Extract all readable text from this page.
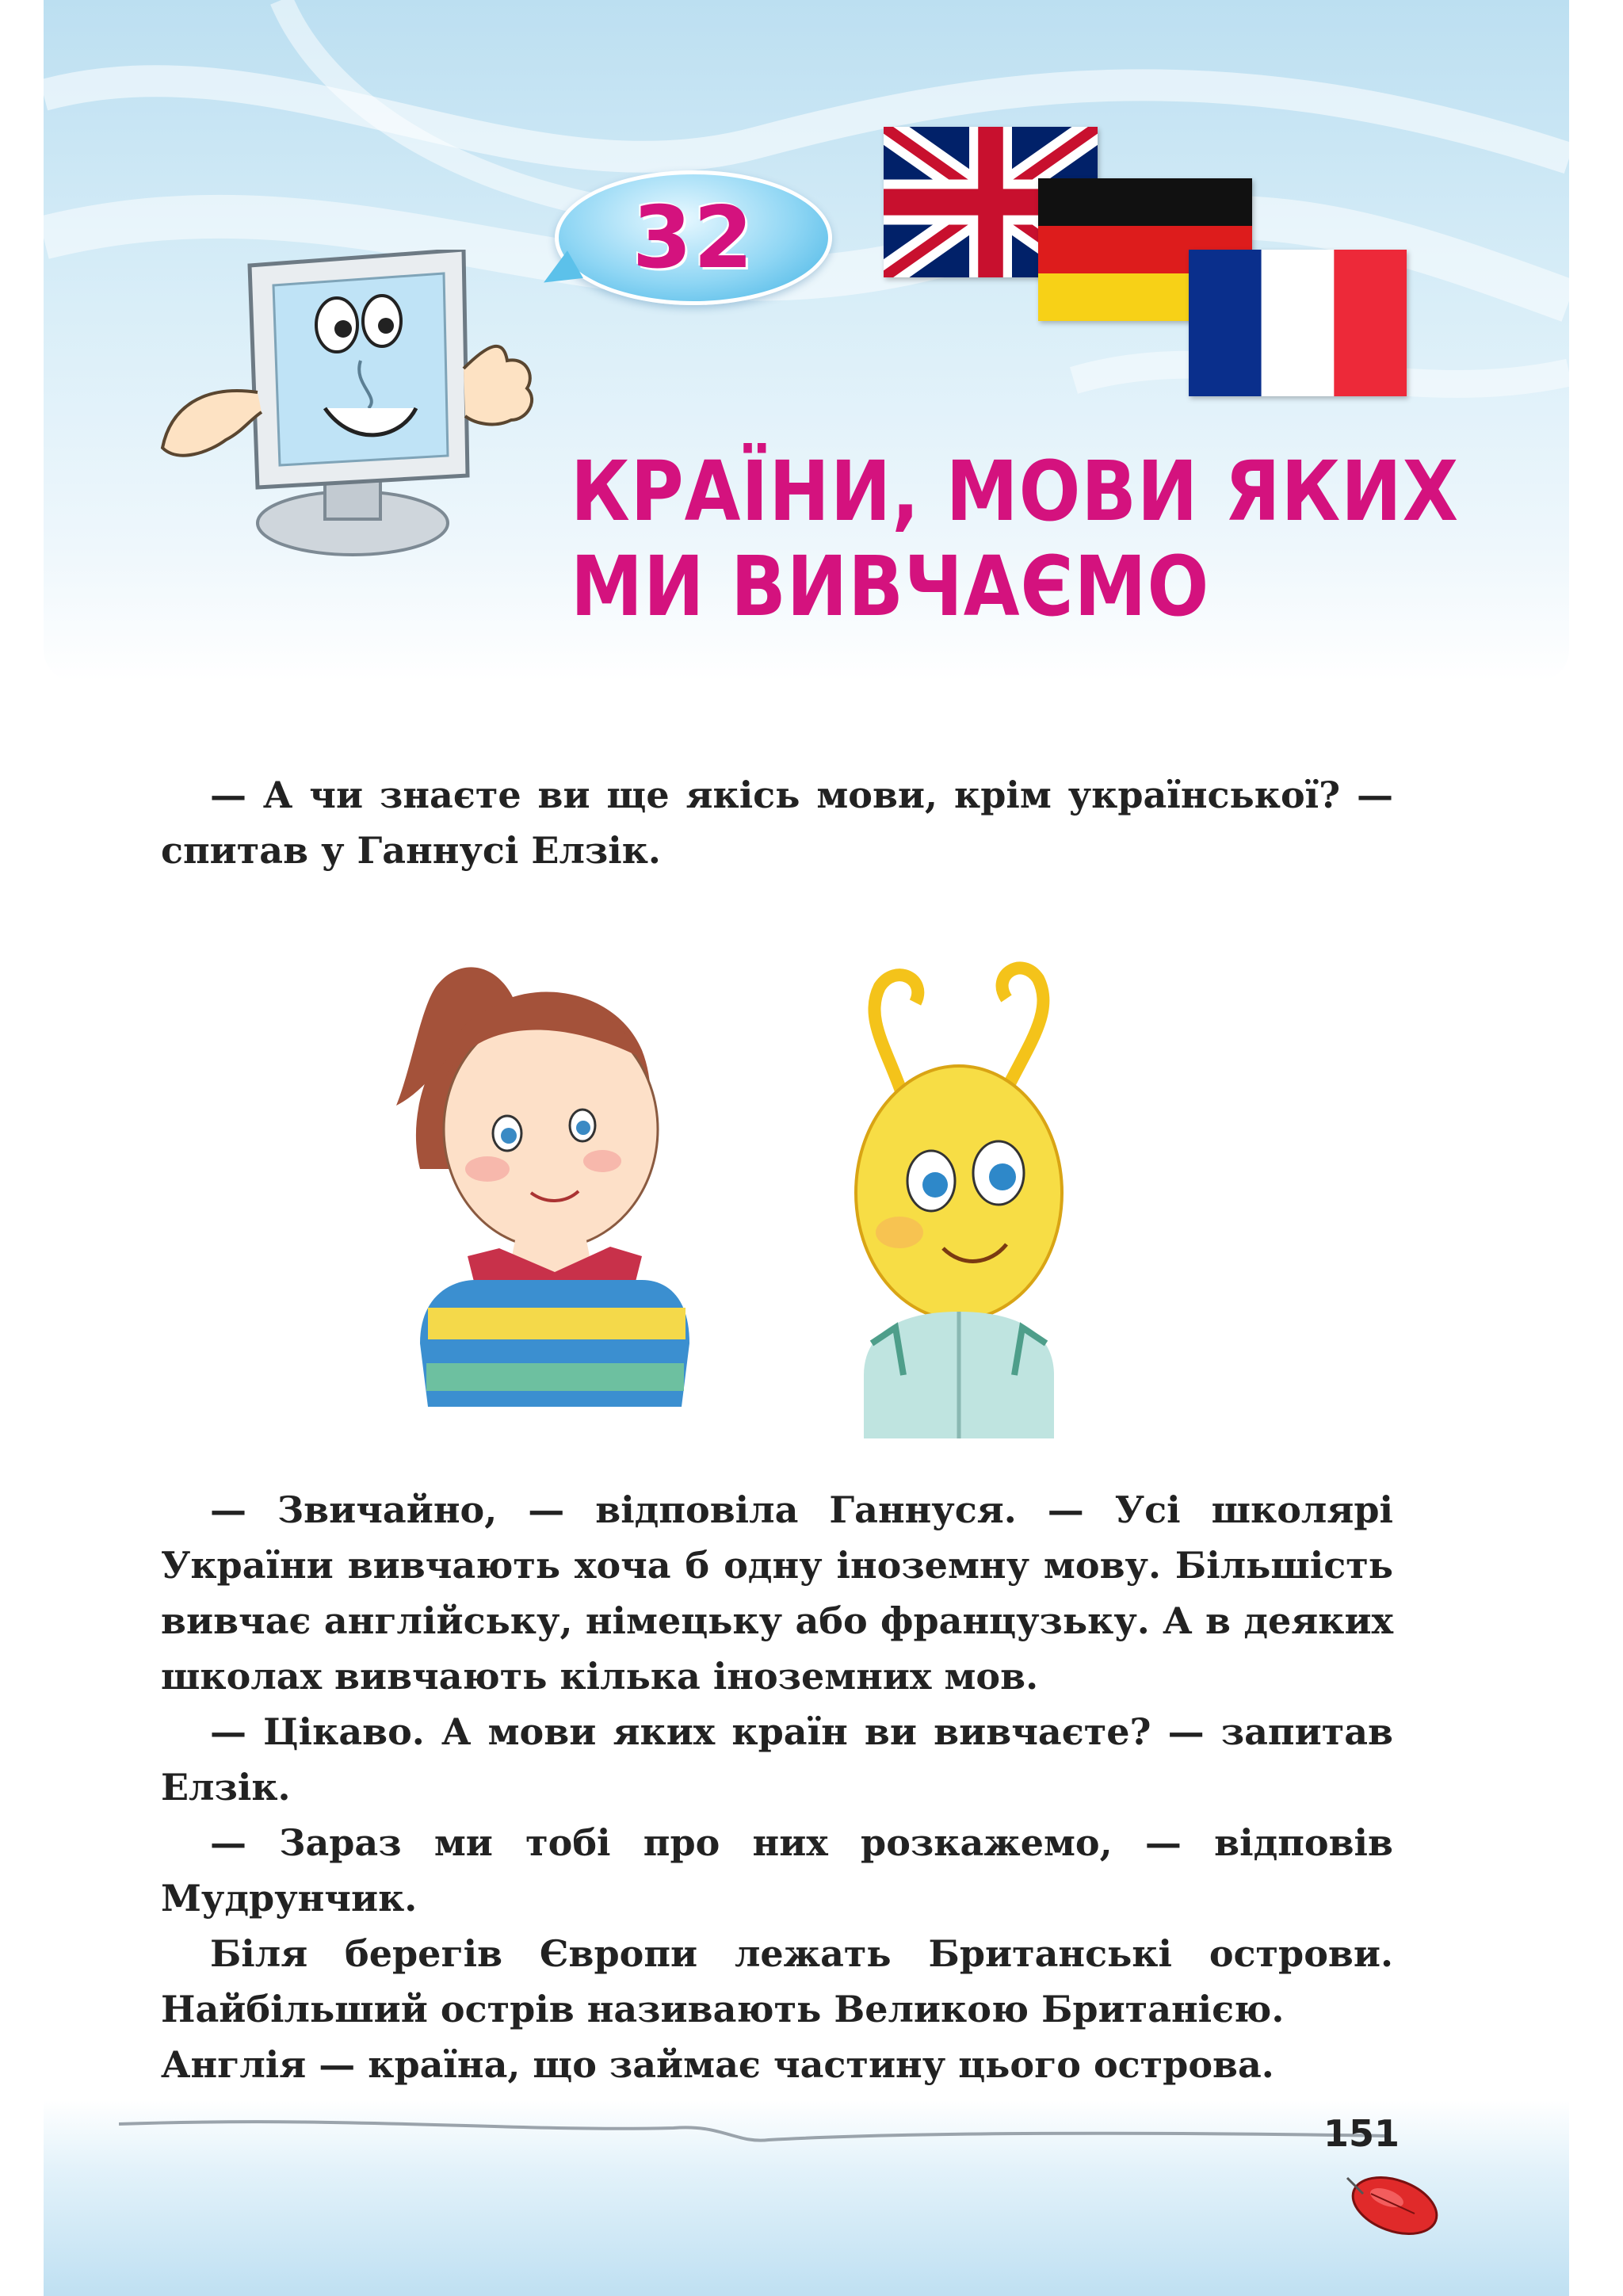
32
КРАЇНИ, МОВИ ЯКИХ
МИ ВИВЧАЄМО

— А чи знаєте ви ще якісь мови, крім української? — спитав у Ганнусі Елзік.

— Звичайно, — відповіла Ганнуся. — Усі школярі України вивчають хоча б одну іноземну мову. Більшість вивчає англійську, німецьку або французьку. А в деяких школах вивчають кілька іноземних мов.

— Цікаво. А мови яких країн ви вивчаєте? — запитав Елзік.

— Зараз ми тобі про них розкажемо, — відповів Мудрунчик.

Біля берегів Європи лежать Британські острови. Найбільший острів називають Великою Британією.

Англія — країна, що займає частину цього острова.

151
